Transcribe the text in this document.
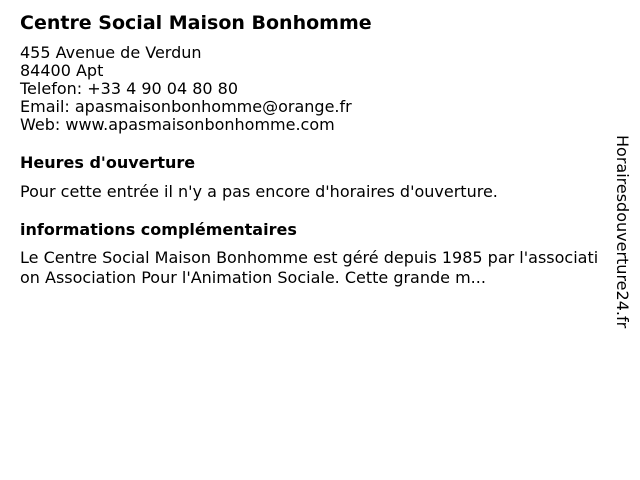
Centre Social Maison Bonhomme
455 Avenue de Verdun
84400 Apt
Telefon: +33 4 90 04 80 80
Email: apasmaisonbonhomme@orange.fr
Web: www.apasmaisonbonhomme.com
Heures d'ouverture
Pour cette entrée il n'y a pas encore d'horaires d'ouverture.
informations complémentaires
Le Centre Social Maison Bonhomme est géré depuis 1985 par l'association Association Pour l'Animation Sociale. Cette grande m...	Horairesdouverture24.fr
